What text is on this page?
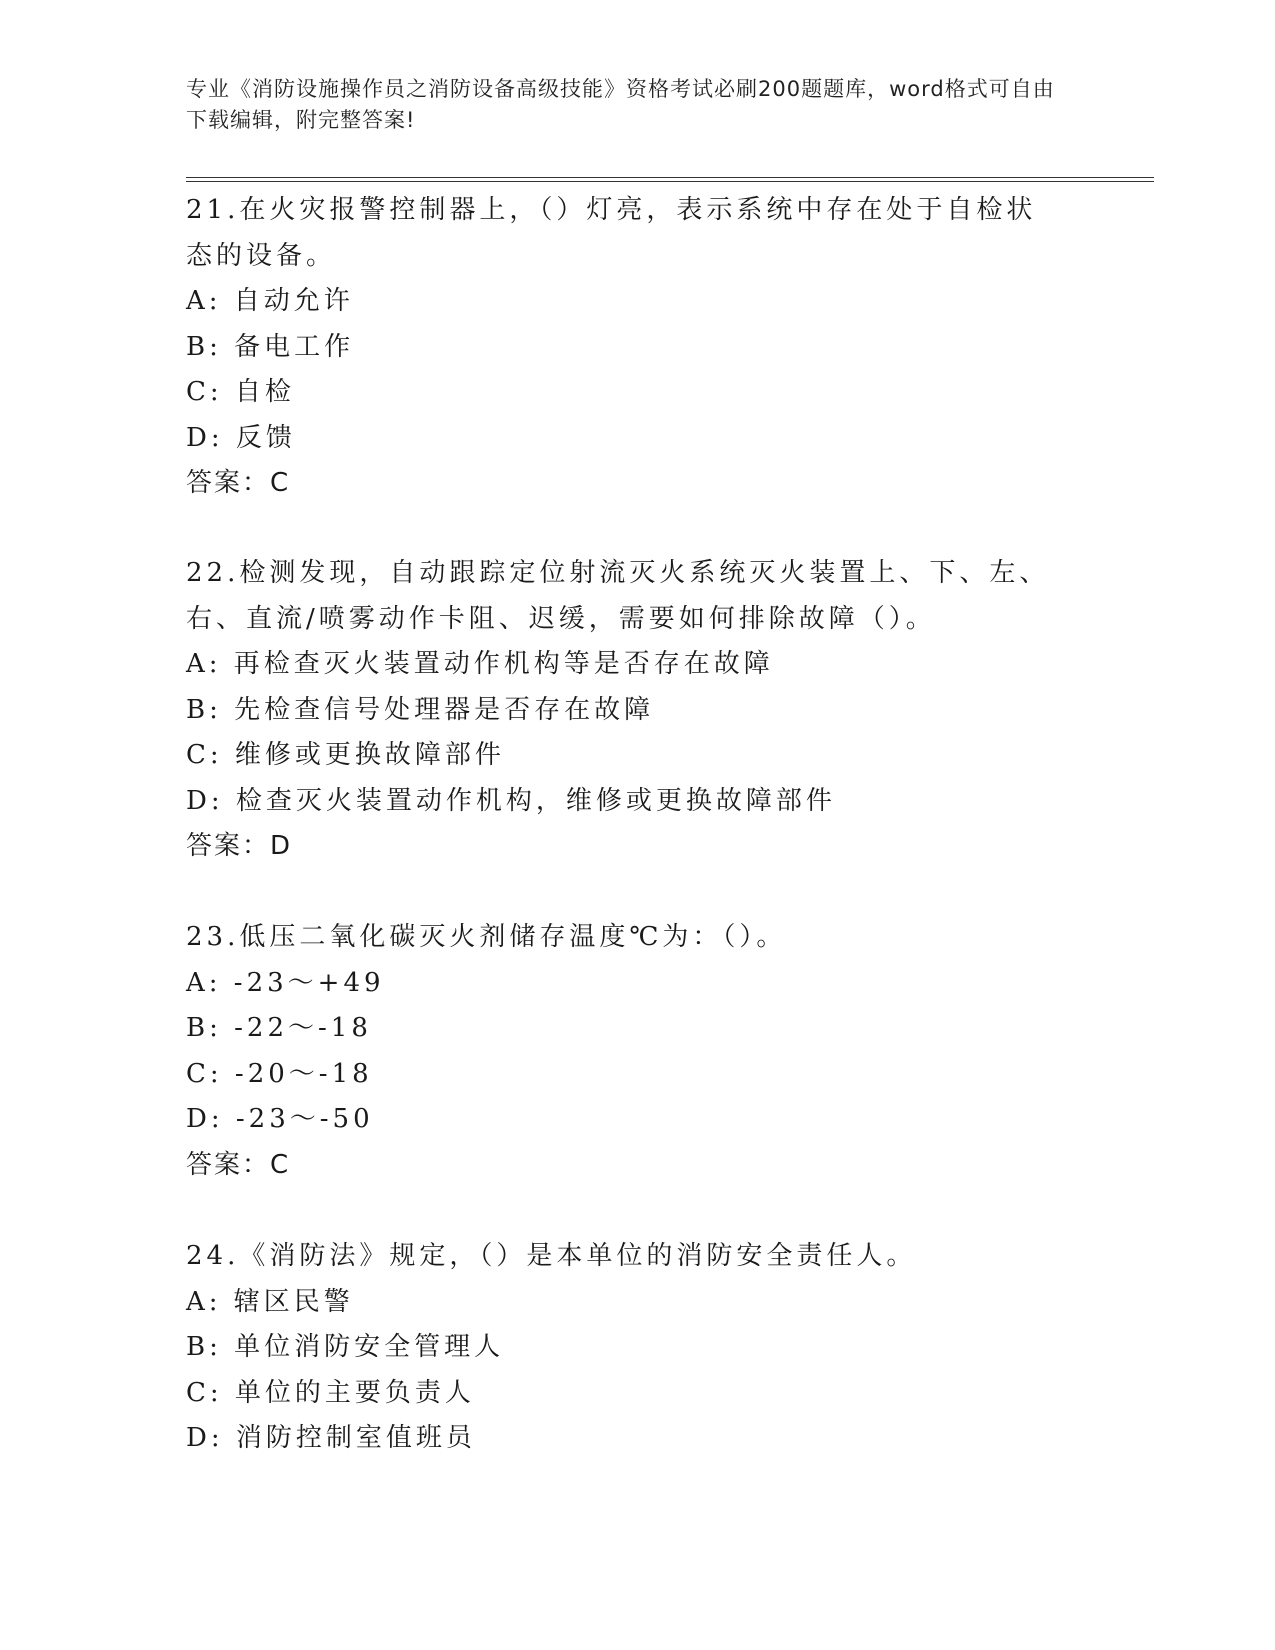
专业《消防设施操作员之消防设备高级技能》资格考试必刷200题题库，word格式可自由下载编辑，附完整答案!
21.在火灾报警控制器上，（）灯亮，表示系统中存在处于自检状态的设备。
A: 自动允许
B: 备电工作
C: 自检
D: 反馈
答案：C
22.检测发现，自动跟踪定位射流灭火系统灭火装置上、下、左、右、直流/喷雾动作卡阻、迟缓，需要如何排除故障（）。
A: 再检查灭火装置动作机构等是否存在故障
B: 先检查信号处理器是否存在故障
C: 维修或更换故障部件
D: 检查灭火装置动作机构，维修或更换故障部件
答案：D
23.低压二氧化碳灭火剂储存温度℃为：（）。
A: -23～+49
B: -22～-18
C: -20～-18
D: -23～-50
答案：C
24.《消防法》规定，（）是本单位的消防安全责任人。
A: 辖区民警
B: 单位消防安全管理人
C: 单位的主要负责人
D: 消防控制室值班员
